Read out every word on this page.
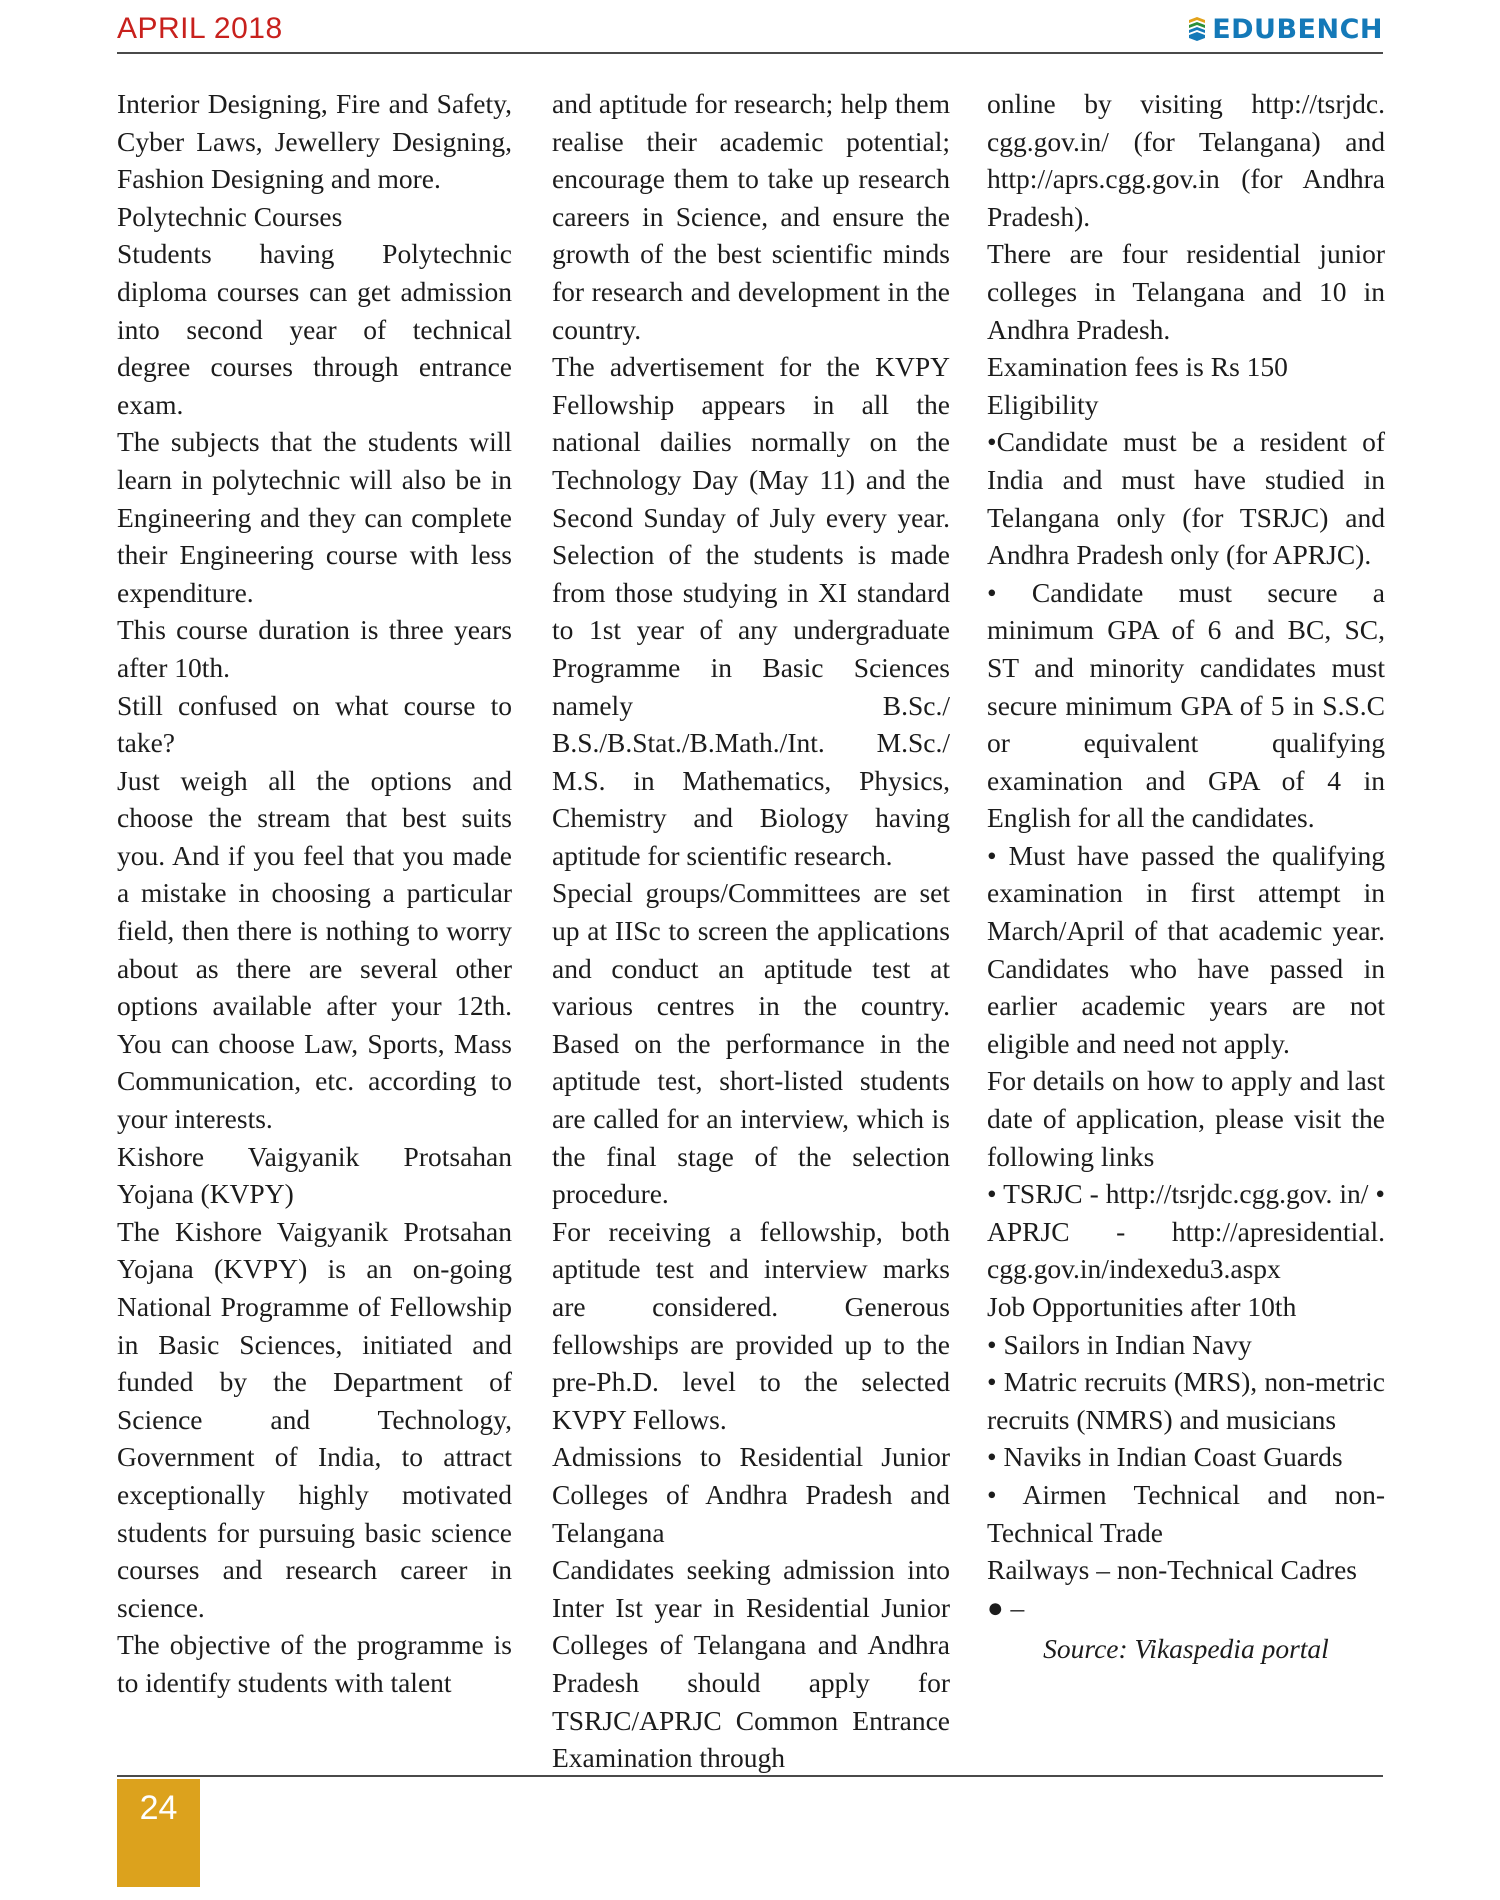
APRIL 2018	EDUBENCH

Interior Designing, Fire and Safety, Cyber Laws, Jewellery Designing, Fashion Designing and more.

Polytechnic Courses

Students having Polytechnic diploma courses can get admission into second year of technical degree courses through entrance exam.

The subjects that the students will learn in polytechnic will also be in Engineering and they can complete their Engineering course with less expenditure.

This course duration is three years after 10th.

Still confused on what course to take?

Just weigh all the options and choose the stream that best suits you. And if you feel that you made a mistake in choosing a particular field, then there is nothing to worry about as there are several other options available after your 12th. You can choose Law, Sports, Mass Communication, etc. according to your interests.

Kishore Vaigyanik Protsahan Yojana (KVPY)

The Kishore Vaigyanik Protsahan Yojana (KVPY) is an on-going National Programme of Fellowship in Basic Sciences, initiated and funded by the Department of Science and Technology, Government of India, to attract exceptionally highly motivated students for pursuing basic science courses and research career in science.

The objective of the programme is to identify students with talent

and aptitude for research; help them realise their academic potential; encourage them to take up research careers in Science, and ensure the growth of the best scientific minds for research and development in the country.

The advertisement for the KVPY Fellowship appears in all the national dailies normally on the Technology Day (May 11) and the Second Sunday of July every year. Selection of the students is made from those studying in XI standard to 1st year of any undergraduate Programme in Basic Sciences namely B.Sc./ B.S./B.Stat./B.Math./Int. M.Sc./ M.S. in Mathematics, Physics, Chemistry and Biology having aptitude for scientific research.

Special groups/Committees are set up at IISc to screen the applications and conduct an aptitude test at various centres in the country. Based on the performance in the aptitude test, short-listed students are called for an interview, which is the final stage of the selection procedure.

For receiving a fellowship, both aptitude test and interview marks are considered. Generous fellowships are provided up to the pre-Ph.D. level to the selected KVPY Fellows.

Admissions to Residential Junior Colleges of Andhra Pradesh and Telangana

Candidates seeking admission into Inter Ist year in Residential Junior Colleges of Telangana and Andhra Pradesh should apply for TSRJC/APRJC Common Entrance Examination through

online by visiting http://tsrjdc. cgg.gov.in/ (for Telangana) and http://aprs.cgg.gov.in (for Andhra Pradesh).

There are four residential junior colleges in Telangana and 10 in Andhra Pradesh.

Examination fees is Rs 150

Eligibility

•Candidate must be a resident of India and must have studied in Telangana only (for TSRJC) and Andhra Pradesh only (for APRJC).

• Candidate must secure a minimum GPA of 6 and BC, SC, ST and minority candidates must secure minimum GPA of 5 in S.S.C or equivalent qualifying examination and GPA of 4 in English for all the candidates.

• Must have passed the qualifying examination in first attempt in March/April of that academic year. Candidates who have passed in earlier academic years are not eligible and need not apply.

For details on how to apply and last date of application, please visit the following links

• TSRJC - http://tsrjdc.cgg.gov. in/ • APRJC - http://apresidential. cgg.gov.in/indexedu3.aspx

Job Opportunities after 10th

• Sailors in Indian Navy

• Matric recruits (MRS), non-metric recruits (NMRS) and musicians

• Naviks in Indian Coast Guards

• Airmen Technical and non-Technical Trade

Railways – non-Technical Cadres

● –

Source: Vikaspedia portal

24
